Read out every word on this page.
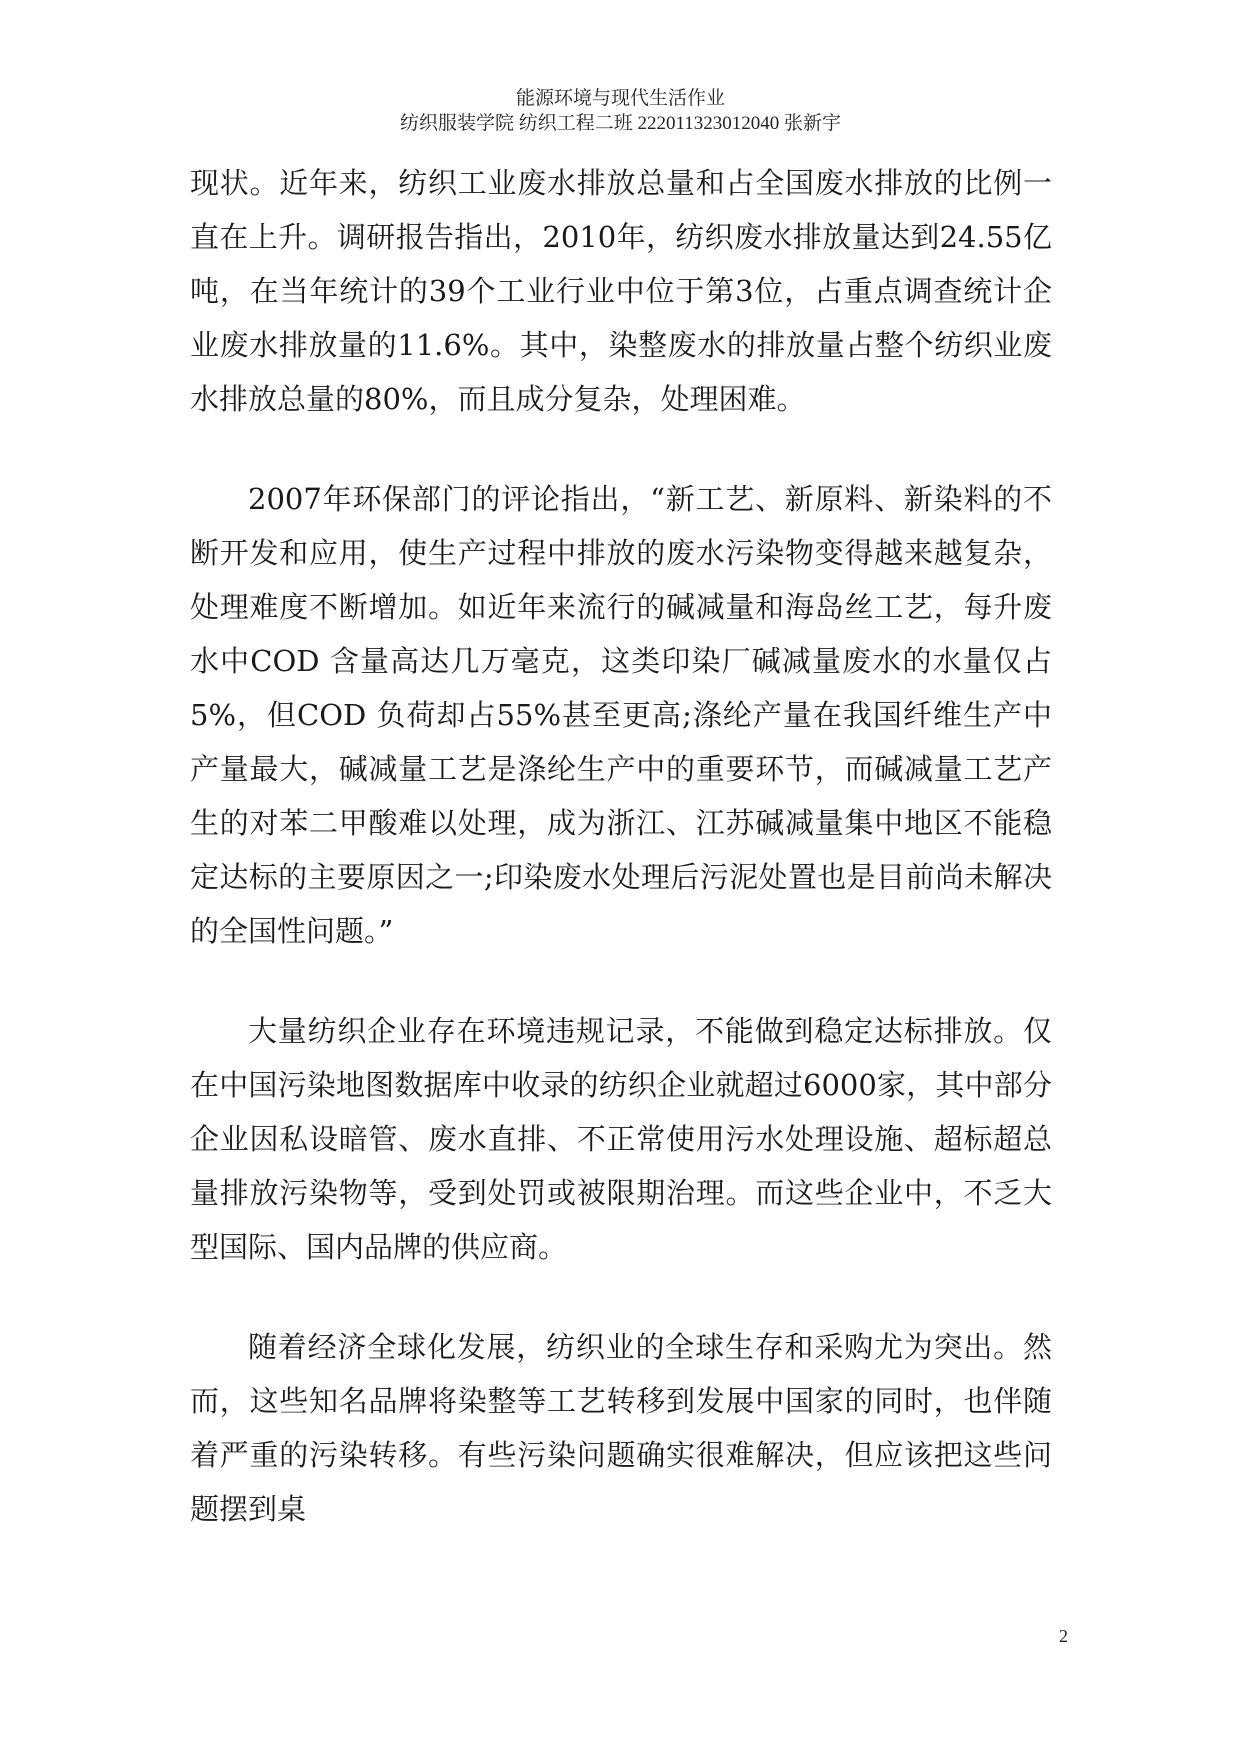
能源环境与现代生活作业
纺织服装学院 纺织工程二班 222011323012040 张新宇

现状。近年来，纺织工业废水排放总量和占全国废水排放的比例一直在上升。调研报告指出，2010年，纺织废水排放量达到24.55亿吨，在当年统计的39个工业行业中位于第3位，占重点调查统计企业废水排放量的11.6%。其中，染整废水的排放量占整个纺织业废水排放总量的80%，而且成分复杂，处理困难。

2007年环保部门的评论指出，“新工艺、新原料、新染料的不断开发和应用，使生产过程中排放的废水污染物变得越来越复杂，处理难度不断增加。如近年来流行的碱减量和海岛丝工艺，每升废水中COD 含量高达几万毫克，这类印染厂碱减量废水的水量仅占5%，但COD 负荷却占55%甚至更高;涤纶产量在我国纤维生产中产量最大，碱减量工艺是涤纶生产中的重要环节，而碱减量工艺产生的对苯二甲酸难以处理，成为浙江、江苏碱减量集中地区不能稳定达标的主要原因之一;印染废水处理后污泥处置也是目前尚未解决的全国性问题。”

大量纺织企业存在环境违规记录，不能做到稳定达标排放。仅在中国污染地图数据库中收录的纺织企业就超过6000家，其中部分企业因私设暗管、废水直排、不正常使用污水处理设施、超标超总量排放污染物等，受到处罚或被限期治理。而这些企业中，不乏大型国际、国内品牌的供应商。

随着经济全球化发展，纺织业的全球生存和采购尤为突出。然而，这些知名品牌将染整等工艺转移到发展中国家的同时，也伴随着严重的污染转移。有些污染问题确实很难解决，但应该把这些问题摆到桌

2
